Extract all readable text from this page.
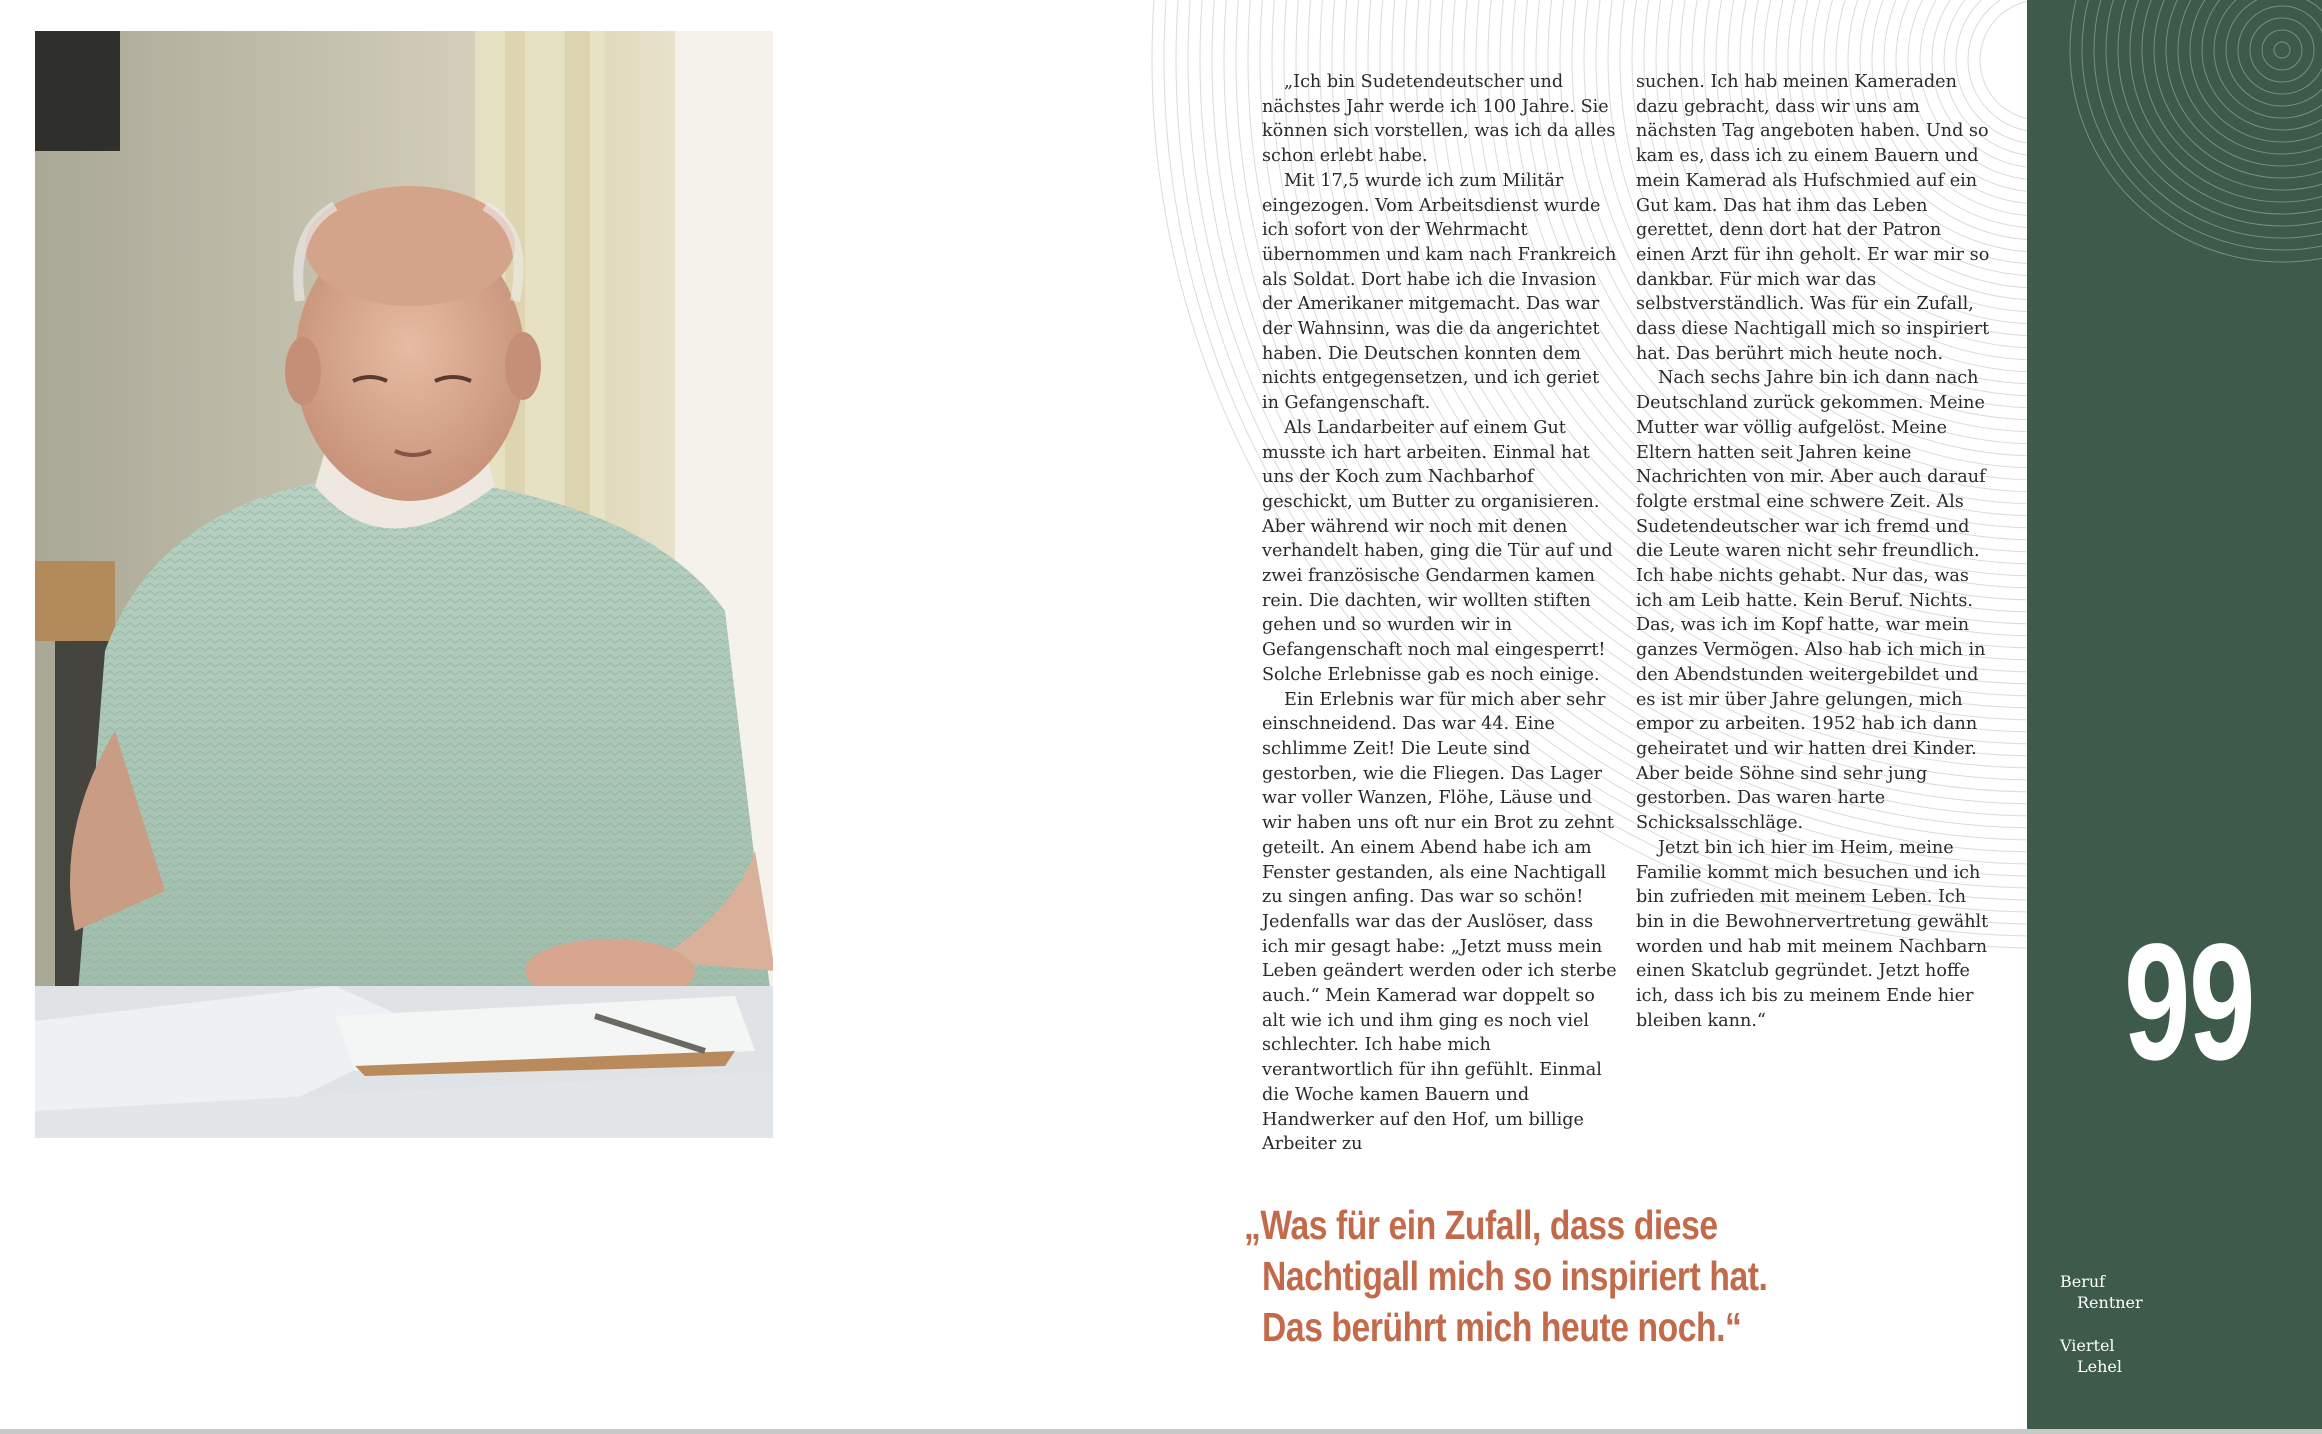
„Ich bin Sudetendeutscher und nächstes Jahr werde ich 100 Jahre. Sie können sich vorstellen, was ich da alles schon erlebt habe.

Mit 17,5 wurde ich zum Militär eingezogen. Vom Arbeitsdienst wurde ich sofort von der Wehrmacht übernommen und kam nach Frankreich als Soldat. Dort habe ich die Invasion der Amerikaner mitgemacht. Das war der Wahnsinn, was die da angerichtet haben. Die Deutschen konnten dem nichts entgegensetzen, und ich geriet in Gefangenschaft.

Als Landarbeiter auf einem Gut musste ich hart arbeiten. Einmal hat uns der Koch zum Nachbarhof geschickt, um Butter zu organisieren. Aber während wir noch mit denen verhandelt haben, ging die Tür auf und zwei französische Gendarmen kamen rein. Die dachten, wir wollten stiften gehen und so wurden wir in Gefangenschaft noch mal eingesperrt! Solche Erlebnisse gab es noch einige.

Ein Erlebnis war für mich aber sehr einschneidend. Das war 44. Eine schlimme Zeit! Die Leute sind gestorben, wie die Fliegen. Das Lager war voller Wanzen, Flöhe, Läuse und wir haben uns oft nur ein Brot zu zehnt geteilt. An einem Abend habe ich am Fenster gestanden, als eine Nachtigall zu singen anfing. Das war so schön! Jedenfalls war das der Auslöser, dass ich mir gesagt habe: „Jetzt muss mein Leben geändert werden oder ich sterbe auch.“ Mein Kamerad war doppelt so alt wie ich und ihm ging es noch viel schlechter. Ich habe mich verantwortlich für ihn gefühlt. Einmal die Woche kamen Bauern und Handwerker auf den Hof, um billige Arbeiter zu

suchen. Ich hab meinen Kameraden dazu gebracht, dass wir uns am nächsten Tag angeboten haben. Und so kam es, dass ich zu einem Bauern und mein Kamerad als Hufschmied auf ein Gut kam. Das hat ihm das Leben gerettet, denn dort hat der Patron einen Arzt für ihn geholt. Er war mir so dankbar. Für mich war das selbstverständlich. Was für ein Zufall, dass diese Nachtigall mich so inspiriert hat. Das berührt mich heute noch.

Nach sechs Jahre bin ich dann nach Deutschland zurück gekommen. Meine Mutter war völlig aufgelöst. Meine Eltern hatten seit Jahren keine Nachrichten von mir. Aber auch darauf folgte erstmal eine schwere Zeit. Als Sudetendeutscher war ich fremd und die Leute waren nicht sehr freundlich. Ich habe nichts gehabt. Nur das, was ich am Leib hatte. Kein Beruf. Nichts. Das, was ich im Kopf hatte, war mein ganzes Vermögen. Also hab ich mich in den Abendstunden weitergebildet und es ist mir über Jahre gelungen, mich empor zu arbeiten. 1952 hab ich dann geheiratet und wir hatten drei Kinder. Aber beide Söhne sind sehr jung gestorben. Das waren harte Schicksalsschläge.

Jetzt bin ich hier im Heim, meine Familie kommt mich besuchen und ich bin zufrieden mit meinem Leben. Ich bin in die Bewohnervertretung gewählt worden und hab mit meinem Nachbarn einen Skatclub gegründet. Jetzt hoffe ich, dass ich bis zu meinem Ende hier bleiben kann.“

„Was für ein Zufall, dass diese
Nachtigall mich so inspiriert hat.
Das berührt mich heute noch.“
99
Beruf
Rentner
Viertel
Lehel
